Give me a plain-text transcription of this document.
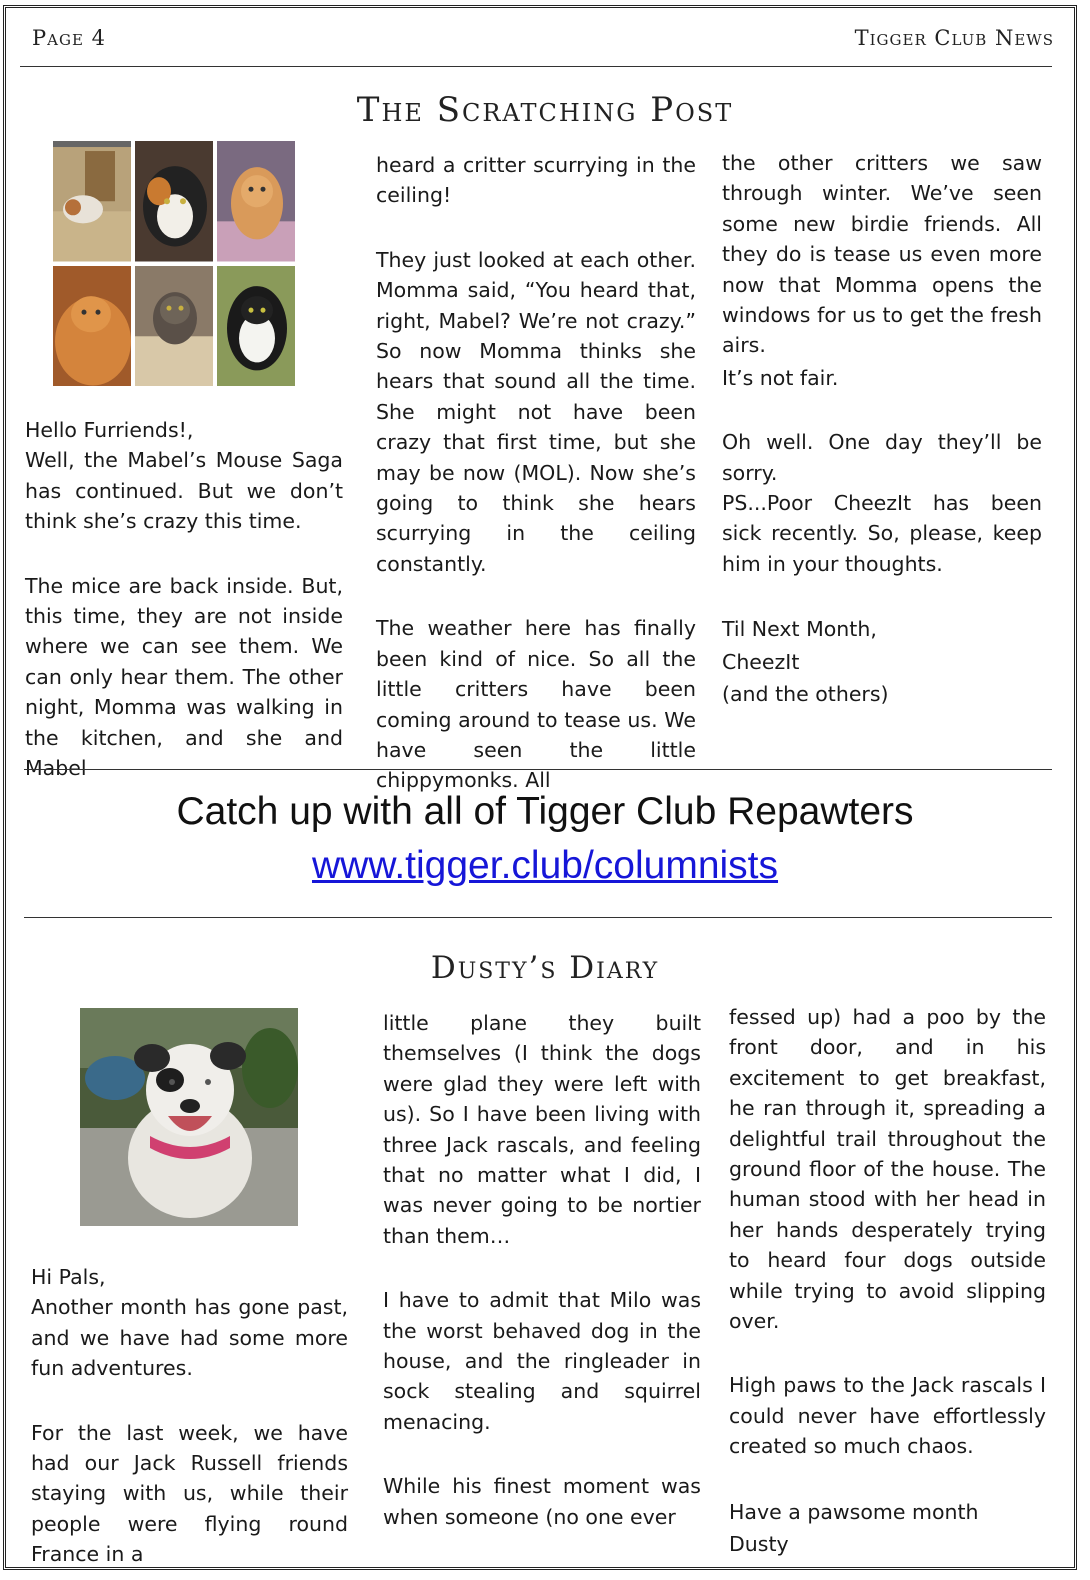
Page 4	Tigger Club News
The Scratching Post

Hello Furriends!,
Well, the Mabel’s Mouse Saga has continued. But we don’t think she’s crazy this time.

The mice are back inside. But, this time, they are not inside where we can see them. We can only hear them. The other night, Momma was walking in the kitchen, and she and Mabel

heard a critter scurrying in the ceiling!

They just looked at each other. Momma said, “You heard that, right, Mabel? We’re not crazy.” So now Momma thinks she hears that sound all the time. She might not have been crazy that first time, but she may be now (MOL). Now she’s going to think she hears scurrying in the ceiling constantly.

The weather here has finally been kind of nice. So all the little critters have been coming around to tease us. We have seen the little chippymonks. All

the other critters we saw through winter. We’ve seen some new birdie friends. All they do is tease us even more now that Momma opens the windows for us to get the fresh airs.

It’s not fair.

Oh well. One day they’ll be sorry.

PS...Poor CheezIt has been sick recently. So, please, keep him in your thoughts.

Til Next Month,
CheezIt
(and the others)
Catch up with all of Tigger Club Repawters
www.tigger.club/columnists
Dusty’s Diary

Hi Pals,
Another month has gone past, and we have had some more fun adventures.

For the last week, we have had our Jack Russell friends staying with us, while their people were flying round France in a

little plane they built themselves (I think the dogs were glad they were left with us). So I have been living with three Jack rascals, and feeling that no matter what I did, I was never going to be nortier than them…

I have to admit that Milo was the worst behaved dog in the house, and the ringleader in sock stealing and squirrel menacing.

While his finest moment was when someone (no one ever

fessed up) had a poo by the front door, and in his excitement to get breakfast, he ran through it, spreading a delightful trail throughout the ground floor of the house. The human stood with her head in her hands desperately trying to heard four dogs outside while trying to avoid slipping over.

High paws to the Jack rascals I could never have effortlessly created so much chaos.

Have a pawsome month
Dusty
